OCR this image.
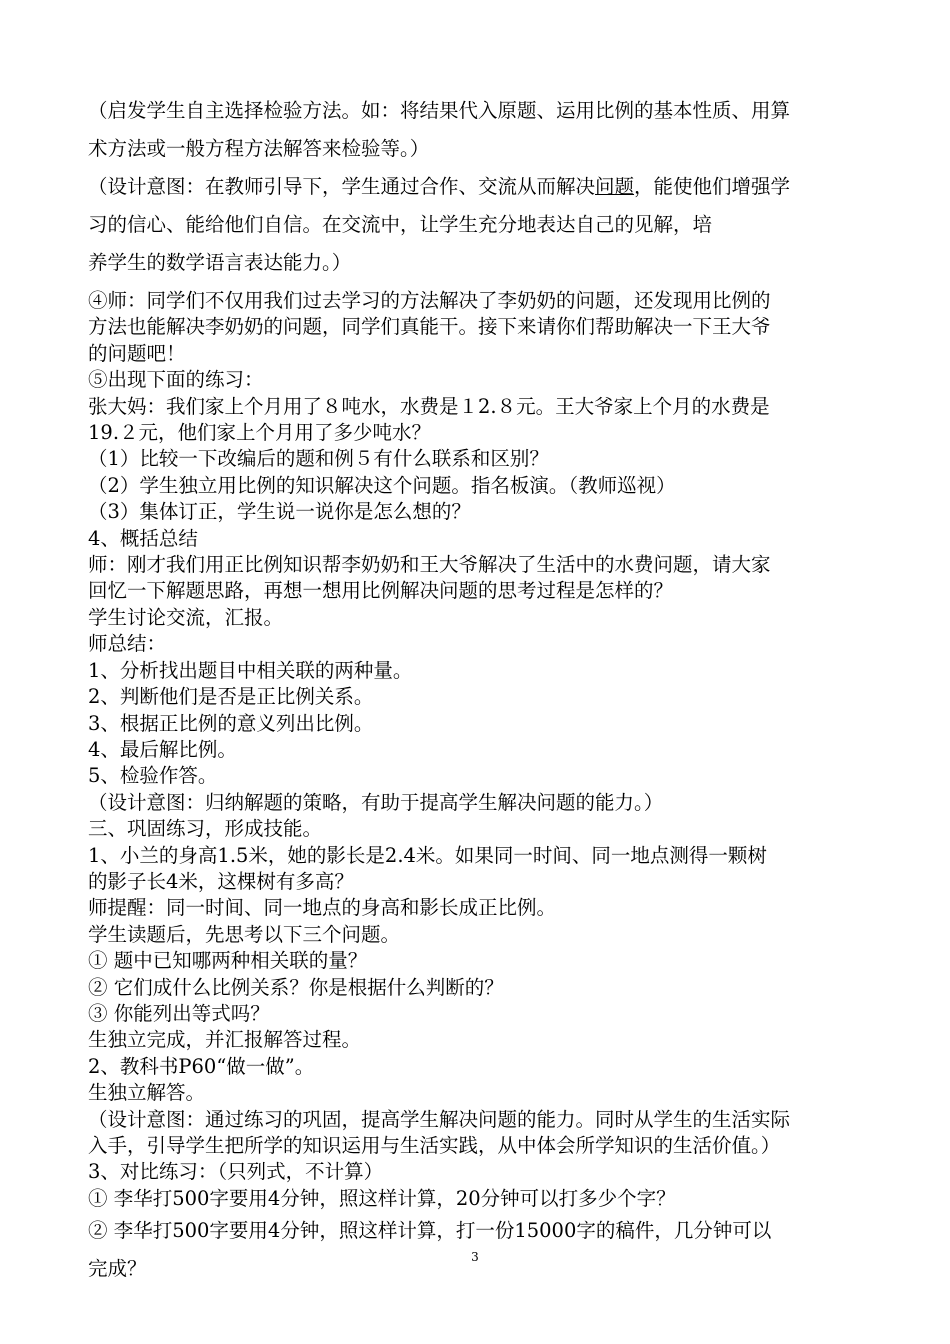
（启发学生自主选择检验方法。如：将结果代入原题、运用比例的基本性质、用算

术方法或一般方程方法解答来检验等。）

（设计意图：在教师引导下，学生通过合作、交流从而解决问题，能使他们增强学

习的信心、能给他们自信。在交流中，让学生充分地表达自己的见解，培

养学生的数学语言表达能力。）

④师：同学们不仅用我们过去学习的方法解决了李奶奶的问题，还发现用比例的

方法也能解决李奶奶的问题，同学们真能干。接下来请你们帮助解决一下王大爷

的问题吧！

⑤出现下面的练习：

张大妈：我们家上个月用了８吨水，水费是１2.８元。王大爷家上个月的水费是

19.２元，他们家上个月用了多少吨水？

（1）比较一下改编后的题和例５有什么联系和区别？

（2）学生独立用比例的知识解决这个问题。指名板演。（教师巡视）

（3）集体订正，学生说一说你是怎么想的？

4、概括总结

师：刚才我们用正比例知识帮李奶奶和王大爷解决了生活中的水费问题，请大家

回忆一下解题思路，再想一想用比例解决问题的思考过程是怎样的？

学生讨论交流，汇报。

师总结：

1、分析找出题目中相关联的两种量。

2、判断他们是否是正比例关系。

3、根据正比例的意义列出比例。

4、最后解比例。

5、检验作答。

（设计意图：归纳解题的策略，有助于提高学生解决问题的能力。）

三、巩固练习，形成技能。

1、小兰的身高1.5米，她的影长是2.4米。如果同一时间、同一地点测得一颗树

的影子长4米，这棵树有多高？

师提醒：同一时间、同一地点的身高和影长成正比例。

学生读题后，先思考以下三个问题。

① 题中已知哪两种相关联的量？

② 它们成什么比例关系？你是根据什么判断的？

③ 你能列出等式吗？

生独立完成，并汇报解答过程。

2、教科书P60“做一做”。

生独立解答。

（设计意图：通过练习的巩固，提高学生解决问题的能力。同时从学生的生活实际

入手，引导学生把所学的知识运用与生活实践，从中体会所学知识的生活价值。）

3、对比练习：（只列式，不计算）

① 李华打500字要用4分钟，照这样计算，20分钟可以打多少个字？

② 李华打500字要用4分钟，照这样计算，打一份15000字的稿件，几分钟可以

完成？

3
